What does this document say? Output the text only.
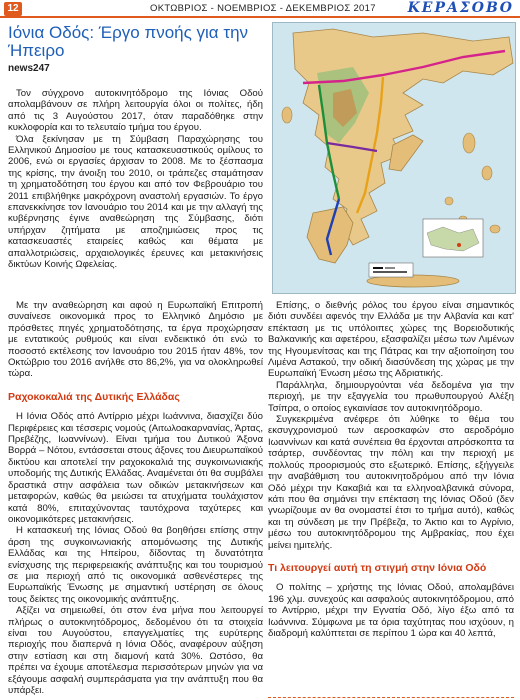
12	ΟΚΤΩΒΡΙΟΣ - ΝΟΕΜΒΡΙΟΣ - ΔΕΚΕΜΒΡΙΟΣ 2017 ΚΕΡΑΣΟΒΟ
Ιόνια Οδός: Έργο πνοής για την Ήπειρο
news247

Τον σύγχρονο αυτοκινητόδρομο της Ιόνιας Οδού απολαμβάνουν σε πλήρη λειτουργία όλοι οι πολίτες, ήδη από τις 3 Αυγούστου 2017, όταν παραδόθηκε στην κυκλοφορία και το τελευταίο τμήμα του έργου.

Όλα ξεκίνησαν με τη Σύμβαση Παραχώρησης του Ελληνικού Δημοσίου με τους κατασκευαστικούς ομίλους το 2006, ενώ οι εργασίες άρχισαν το 2008. Με το ξέσπασμα της κρίσης, την άνοιξη του 2010, οι τράπεζες σταμάτησαν τη χρηματοδότηση του έργου και από τον Φεβρουάριο του 2011 επιβλήθηκε μακρόχρονη αναστολή εργασιών. Το έργο επανεκκίνησε τον Ιανουάριο του 2014 και με την αλλαγή της κυβέρνησης έγινε αναθεώρηση της Σύμβασης, διότι υπήρχαν ζητήματα με αποζημιώσεις προς τις κατασκευαστές εταιρείες καθώς και θέματα με απαλλοτριώσεις, αρχαιολογικές έρευνες και μετακινήσεις δικτύων Κοινής Ωφελείας.

Με την αναθεώρηση και αφού η Ευρωπαϊκή Επιτροπή συναίνεσε οικονομικά προς το Ελληνικό Δημόσιο με πρόσθετες πηγές χρηματοδότησης, τα έργα προχώρησαν με εντατικούς ρυθμούς και είναι ενδεικτικό ότι ενώ το ποσοστό εκτέλεσης τον Ιανουάριο του 2015 ήταν 48%, τον Οκτώβριο του 2016 ανήλθε στο 86,2%, για να ολοκληρωθεί τώρα.

Ραχοκοκαλιά της Δυτικής Ελλάδας

Η Ιόνια Οδός από Αντίρριο μέχρι Ιωάννινα, διασχίζει δύο Περιφέρειες και τέσσερις νομούς (Αιτωλοακαρνανίας, Άρτας, Πρεβέζης, Ιωαννίνων). Είναι τμήμα του Δυτικού Άξονα Βορρά – Νότου, εντάσσεται στους άξονες του Διευρωπαϊκού δικτύου και αποτελεί την ραχοκοκαλιά της συγκοινωνιακής υποδομής της Δυτικής Ελλάδας. Αναμένεται ότι θα συμβάλει δραστικά στην ασφάλεια των οδικών μετακινήσεων και μεταφορών, καθώς θα μειώσει τα ατυχήματα τουλάχιστον κατά 80%, επιταχύνοντας ταυτόχρονα ταχύτερες και οικονομικότερες μετακινήσεις.

Η κατασκευή της Ιόνιας Οδού θα βοηθήσει επίσης στην άρση της συγκοινωνιακής απομόνωσης της Δυτικής Ελλάδας και της Ηπείρου, δίδοντας τη δυνατότητα ενίσχυσης της περιφερειακής ανάπτυξης και του τουρισμού σε μια περιοχή από τις οικονομικά ασθενέστερες της Ευρωπαϊκής Ένωσης με σημαντική υστέρηση σε όλους τους δείκτες της οικονομικής ανάπτυξης.

Αξίζει να σημειωθεί, ότι στον ένα μήνα που λειτουργεί πλήρως ο αυτοκινητόδρομος, δεδομένου ότι τα στοιχεία είναι του Αυγούστου, επαγγελματίες της ευρύτερης περιοχής που διαπερνά η Ιόνια Οδός, αναφέρουν αύξηση στην εστίαση και στη διαμονή κατά 30%. Ωστόσο, θα πρέπει να έχουμε αποτέλεσμα περισσότερων μηνών για να εξάγουμε ασφαλή συμπεράσματα για την ανάπτυξη που θα υπάρξει.

Επίσης, ο διεθνής ρόλος του έργου είναι σημαντικός διότι συνδέει αφενός την Ελλάδα με την Αλβανία και κατ' επέκταση με τις υπόλοιπες χώρες της Βορειοδυτικής Βαλκανικής και αφετέρου, εξασφαλίζει μέσω των Λιμένων της Ηγουμενίτσας και της Πάτρας και την αξιοποίηση του Λιμένα Αστακού, την οδική διασύνδεση της χώρας με την Ευρωπαϊκή Ένωση μέσω της Αδριατικής.

Παράλληλα, δημιουργούνται νέα δεδομένα για την περιοχή, με την εξαγγελία του πρωθυπουργού Αλέξη Τσίπρα, ο οποίος εγκαινίασε τον αυτοκινητόδρομο.

Συγκεκριμένα ανέφερε ότι λύθηκε το θέμα του εκσυγχρονισμού των αεροσκαφών στο αεροδρόμιο Ιωαννίνων και κατά συνέπεια θα έρχονται απρόσκοπτα τα τσάρτερ, συνδέοντας την πόλη και την περιοχή με πολλούς προορισμούς στο εξωτερικό. Επίσης, εξήγγειλε την αναβάθμιση του αυτοκινητοδρόμου από την Ιόνια Οδό μέχρι την Κακαβιά και τα ελληνοαλβανικά σύνορα, κάτι που θα σημάνει την επέκταση της Ιόνιας Οδού (δεν γνωρίζουμε αν θα ονομαστεί έτσι το τμήμα αυτό), καθώς και τη σύνδεση με την Πρέβεζα, το Άκτιο και το Αγρίνιο, μέσω του αυτοκινητόδρομου της Αμβρακίας, που έχει μείνει ημιτελής.

Τι λειτουργεί αυτή τη στιγμή στην Ιόνια Οδό

Ο πολίτης – χρήστης της Ιόνιας Οδού, απολαμβάνει 196 χλμ. συνεχούς και ασφαλούς αυτοκινητόδρομου, από το Αντίρριο, μέχρι την Εγνατία Οδό, λίγο έξω από τα Ιωάννινα. Σύμφωνα με τα όρια ταχύτητας που ισχύουν, η διαδρομή καλύπτεται σε περίπου 1 ώρα και 40 λεπτά,
